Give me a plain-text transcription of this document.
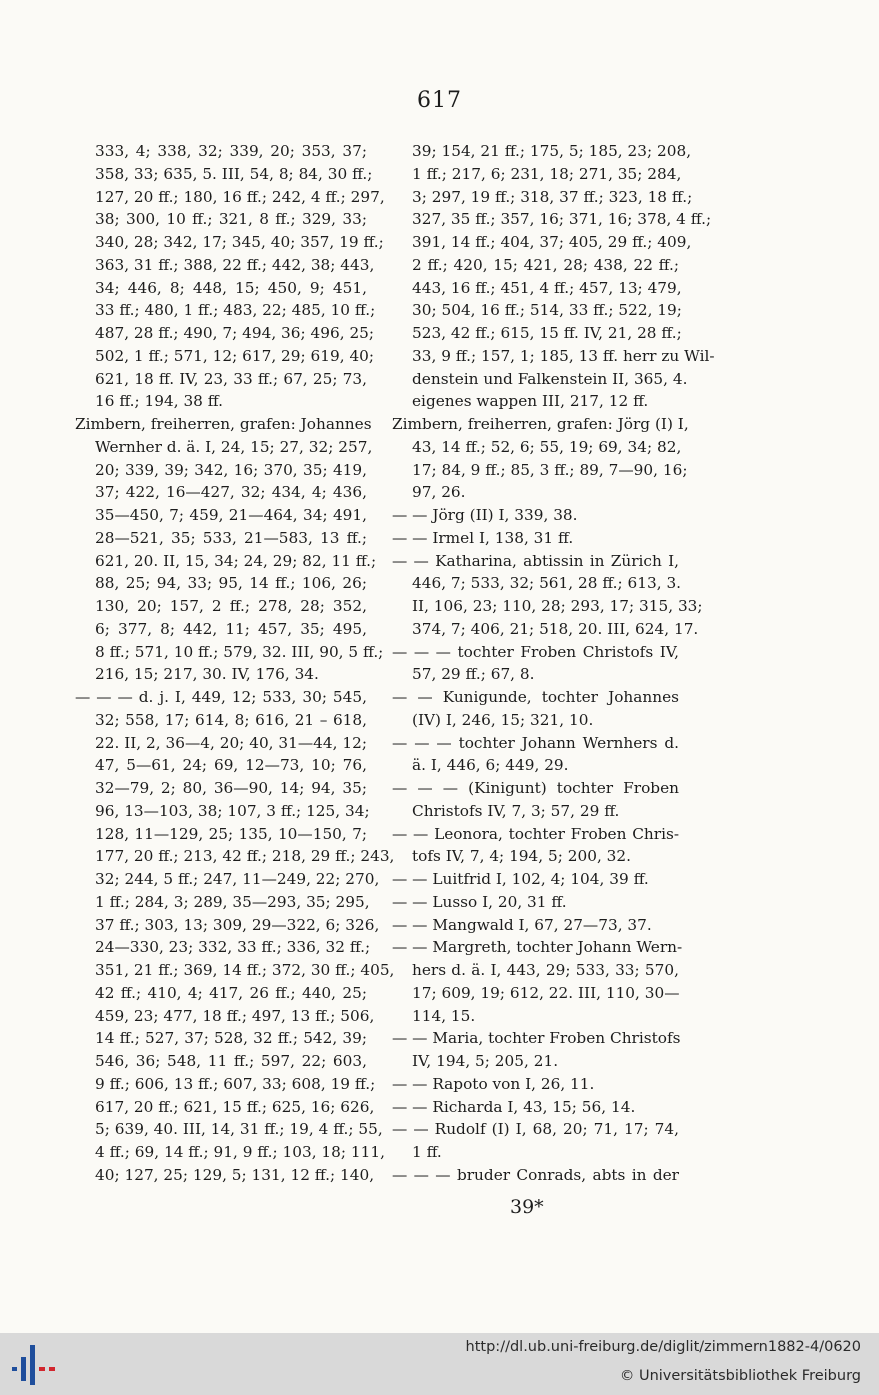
617
333, 4; 338, 32; 339, 20; 353, 37;
358, 33; 635, 5. III, 54, 8; 84, 30 ff.;
127, 20 ff.; 180, 16 ff.; 242, 4 ff.; 297,
38; 300, 10 ff.; 321, 8 ff.; 329, 33;
340, 28; 342, 17; 345, 40; 357, 19 ff.;
363, 31 ff.; 388, 22 ff.; 442, 38; 443,
34; 446, 8; 448, 15; 450, 9; 451,
33 ff.; 480, 1 ff.; 483, 22; 485, 10 ff.;
487, 28 ff.; 490, 7; 494, 36; 496, 25;
502, 1 ff.; 571, 12; 617, 29; 619, 40;
621, 18 ff. IV, 23, 33 ff.; 67, 25; 73,
16 ff.; 194, 38 ff.
Zimbern, freiherren, grafen: Johannes
Wernher d. ä. I, 24, 15; 27, 32; 257,
20; 339, 39; 342, 16; 370, 35; 419,
37; 422, 16—427, 32; 434, 4; 436,
35—450, 7; 459, 21—464, 34; 491,
28—521, 35; 533, 21—583, 13 ff.;
621, 20. II, 15, 34; 24, 29; 82, 11 ff.;
88, 25; 94, 33; 95, 14 ff.; 106, 26;
130, 20; 157, 2 ff.; 278, 28; 352,
6; 377, 8; 442, 11; 457, 35; 495,
8 ff.; 571, 10 ff.; 579, 32. III, 90, 5 ff.;
216, 15; 217, 30. IV, 176, 34.
— — — d. j. I, 449, 12; 533, 30; 545,
32; 558, 17; 614, 8; 616, 21 – 618,
22. II, 2, 36—4, 20; 40, 31—44, 12;
47, 5—61, 24; 69, 12—73, 10; 76,
32—79, 2; 80, 36—90, 14; 94, 35;
96, 13—103, 38; 107, 3 ff.; 125, 34;
128, 11—129, 25; 135, 10—150, 7;
177, 20 ff.; 213, 42 ff.; 218, 29 ff.; 243,
32; 244, 5 ff.; 247, 11—249, 22; 270,
1 ff.; 284, 3; 289, 35—293, 35; 295,
37 ff.; 303, 13; 309, 29—322, 6; 326,
24—330, 23; 332, 33 ff.; 336, 32 ff.;
351, 21 ff.; 369, 14 ff.; 372, 30 ff.; 405,
42 ff.; 410, 4; 417, 26 ff.; 440, 25;
459, 23; 477, 18 ff.; 497, 13 ff.; 506,
14 ff.; 527, 37; 528, 32 ff.; 542, 39;
546, 36; 548, 11 ff.; 597, 22; 603,
9 ff.; 606, 13 ff.; 607, 33; 608, 19 ff.;
617, 20 ff.; 621, 15 ff.; 625, 16; 626,
5; 639, 40. III, 14, 31 ff.; 19, 4 ff.; 55,
4 ff.; 69, 14 ff.; 91, 9 ff.; 103, 18; 111,
40; 127, 25; 129, 5; 131, 12 ff.; 140,
39; 154, 21 ff.; 175, 5; 185, 23; 208,
1 ff.; 217, 6; 231, 18; 271, 35; 284,
3; 297, 19 ff.; 318, 37 ff.; 323, 18 ff.;
327, 35 ff.; 357, 16; 371, 16; 378, 4 ff.;
391, 14 ff.; 404, 37; 405, 29 ff.; 409,
2 ff.; 420, 15; 421, 28; 438, 22 ff.;
443, 16 ff.; 451, 4 ff.; 457, 13; 479,
30; 504, 16 ff.; 514, 33 ff.; 522, 19;
523, 42 ff.; 615, 15 ff. IV, 21, 28 ff.;
33, 9 ff.; 157, 1; 185, 13 ff. herr zu Wil-
denstein und Falkenstein II, 365, 4.
eigenes wappen III, 217, 12 ff.
Zimbern, freiherren, grafen: Jörg (I) I,
43, 14 ff.; 52, 6; 55, 19; 69, 34; 82,
17; 84, 9 ff.; 85, 3 ff.; 89, 7—90, 16;
97, 26.
— — Jörg (II) I, 339, 38.
— — Irmel I, 138, 31 ff.
— — Katharina, abtissin in Zürich I,
446, 7; 533, 32; 561, 28 ff.; 613, 3.
II, 106, 23; 110, 28; 293, 17; 315, 33;
374, 7; 406, 21; 518, 20. III, 624, 17.
— — — tochter Froben Christofs IV,
57, 29 ff.; 67, 8.
— — Kunigunde, tochter Johannes
(IV) I, 246, 15; 321, 10.
— — — tochter Johann Wernhers d.
ä. I, 446, 6; 449, 29.
— — — (Kinigunt) tochter Froben
Christofs IV, 7, 3; 57, 29 ff.
— — Leonora, tochter Froben Chris-
tofs IV, 7, 4; 194, 5; 200, 32.
— — Luitfrid I, 102, 4; 104, 39 ff.
— — Lusso I, 20, 31 ff.
— — Mangwald I, 67, 27—73, 37.
— — Margreth, tochter Johann Wern-
hers d. ä. I, 443, 29; 533, 33; 570,
17; 609, 19; 612, 22. III, 110, 30—
114, 15.
— — Maria, tochter Froben Christofs
IV, 194, 5; 205, 21.
— — Rapoto von I, 26, 11.
— — Richarda I, 43, 15; 56, 14.
— — Rudolf (I) I, 68, 20; 71, 17; 74,
1 ff.
— — — bruder Conrads, abts in der
39*
http://dl.ub.uni-freiburg.de/diglit/zimmern1882-4/0620
© Universitätsbibliothek Freiburg
